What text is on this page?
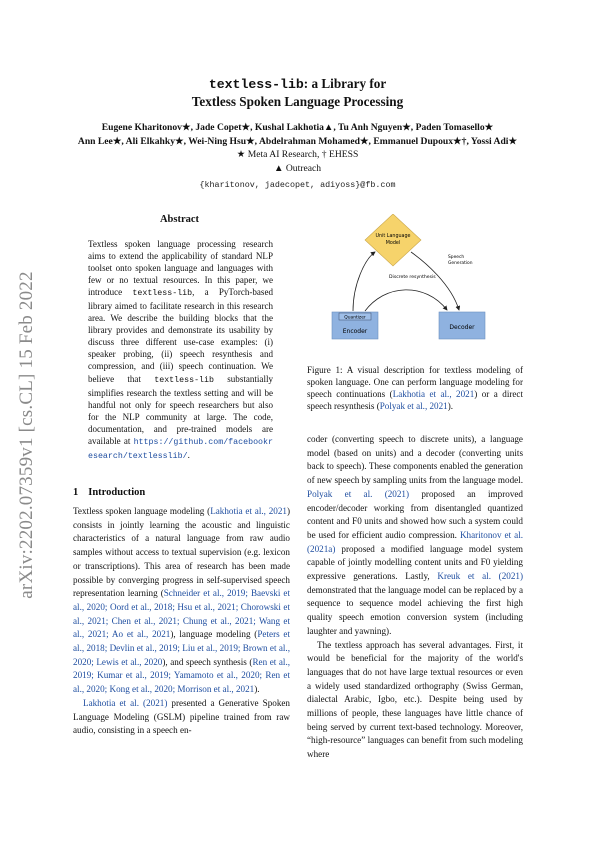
arXiv:2202.07359v1 [cs.CL] 15 Feb 2022
textless-lib: a Library for
Textless Spoken Language Processing
Eugene Kharitonov★, Jade Copet★, Kushal Lakhotia▲, Tu Anh Nguyen★, Paden Tomasello★
Ann Lee★, Ali Elkahky★, Wei-Ning Hsu★, Abdelrahman Mohamed★, Emmanuel Dupoux★†, Yossi Adi★
★ Meta AI Research, † EHESS
▲ Outreach
{kharitonov, jadecopet, adiyoss}@fb.com
Abstract
Textless spoken language processing research aims to extend the applicability of standard NLP toolset onto spoken language and languages with few or no textual resources. In this paper, we introduce textless-lib, a PyTorch-based library aimed to facilitate research in this research area. We describe the building blocks that the library provides and demonstrate its usability by discuss three different use-case examples: (i) speaker probing, (ii) speech resynthesis and compression, and (iii) speech continuation. We believe that textless-lib substantially simplifies research the textless setting and will be handful not only for speech researchers but also for the NLP community at large. The code, documentation, and pre-trained models are available at https://github.com/facebookresearch/textlesslib/.
1 Introduction

Textless spoken language modeling (Lakhotia et al., 2021) consists in jointly learning the acoustic and linguistic characteristics of a natural language from raw audio samples without access to textual supervision (e.g. lexicon or transcriptions). This area of research has been made possible by converging progress in self-supervised speech representation learning (Schneider et al., 2019; Baevski et al., 2020; Oord et al., 2018; Hsu et al., 2021; Chorowski et al., 2021; Chen et al., 2021; Chung et al., 2021; Wang et al., 2021; Ao et al., 2021), language modeling (Peters et al., 2018; Devlin et al., 2019; Liu et al., 2019; Brown et al., 2020; Lewis et al., 2020), and speech synthesis (Ren et al., 2019; Kumar et al., 2019; Yamamoto et al., 2020; Ren et al., 2020; Kong et al., 2020; Morrison et al., 2021).

Lakhotia et al. (2021) presented a Generative Spoken Language Modeling (GSLM) pipeline trained from raw audio, consisting in a speech en-

Unit Language
Model
Quantizer
Encoder
Decoder
Discrete resynthesis
Speech
Generation
Figure 1: A visual description for textless modeling of spoken language. One can perform language modeling for speech continuations (Lakhotia et al., 2021) or a direct speech resynthesis (Polyak et al., 2021).

coder (converting speech to discrete units), a language model (based on units) and a decoder (converting units back to speech). These components enabled the generation of new speech by sampling units from the language model. Polyak et al. (2021) proposed an improved encoder/decoder working from disentangled quantized content and F0 units and showed how such a system could be used for efficient audio compression. Kharitonov et al. (2021a) proposed a modified language model system capable of jointly modelling content units and F0 yielding expressive generations. Lastly, Kreuk et al. (2021) demonstrated that the language model can be replaced by a sequence to sequence model achieving the first high quality speech emotion conversion system (including laughter and yawning).

The textless approach has several advantages. First, it would be beneficial for the majority of the world's languages that do not have large textual resources or even a widely used standardized orthography (Swiss German, dialectal Arabic, Igbo, etc.). Despite being used by millions of people, these languages have little chance of being served by current text-based technology. Moreover, “high-resource” languages can benefit from such modeling where
